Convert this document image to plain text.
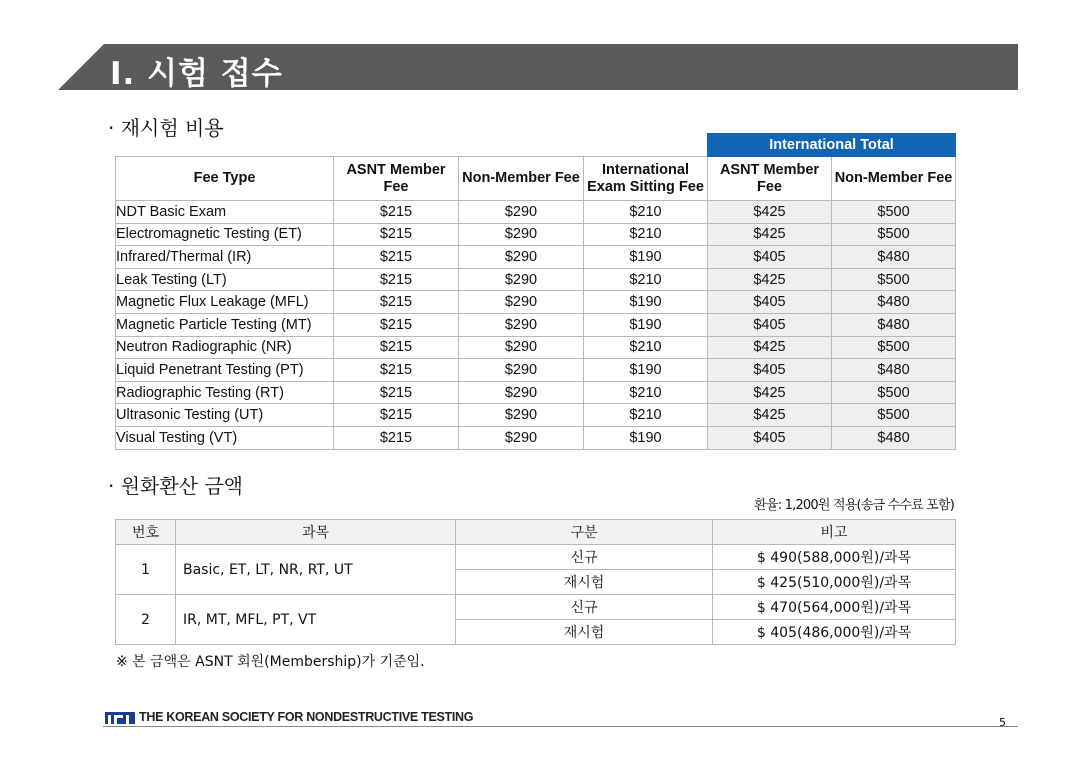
I. 시험 접수
· 재시험 비용
				International Total	
Fee Type	ASNT Member Fee	Non-Member Fee	International Exam Sitting Fee	ASNT Member Fee	Non-Member Fee
NDT Basic Exam	$215	$290	$210	$425	$500
Electromagnetic Testing (ET)	$215	$290	$210	$425	$500
Infrared/Thermal (IR)	$215	$290	$190	$405	$480
Leak Testing (LT)	$215	$290	$210	$425	$500
Magnetic Flux Leakage (MFL)	$215	$290	$190	$405	$480
Magnetic Particle Testing (MT)	$215	$290	$190	$405	$480
Neutron Radiographic (NR)	$215	$290	$210	$425	$500
Liquid Penetrant Testing (PT)	$215	$290	$190	$405	$480
Radiographic Testing (RT)	$215	$290	$210	$425	$500
Ultrasonic Testing (UT)	$215	$290	$210	$425	$500
Visual Testing (VT)	$215	$290	$190	$405	$480
· 원화환산 금액
환율: 1,200원 적용(송금 수수료 포함)
번호	과목	구분	비고
1	Basic, ET, LT, NR, RT, UT	신규	$ 490(588,000원)/과목
		재시험	$ 425(510,000원)/과목
2	IR, MT, MFL, PT, VT	신규	$ 470(564,000원)/과목
		재시험	$ 405(486,000원)/과목
※ 본 금액은 ASNT 회원(Membership)가 기준임.
THE KOREAN SOCIETY FOR NONDESTRUCTIVE TESTING	5
